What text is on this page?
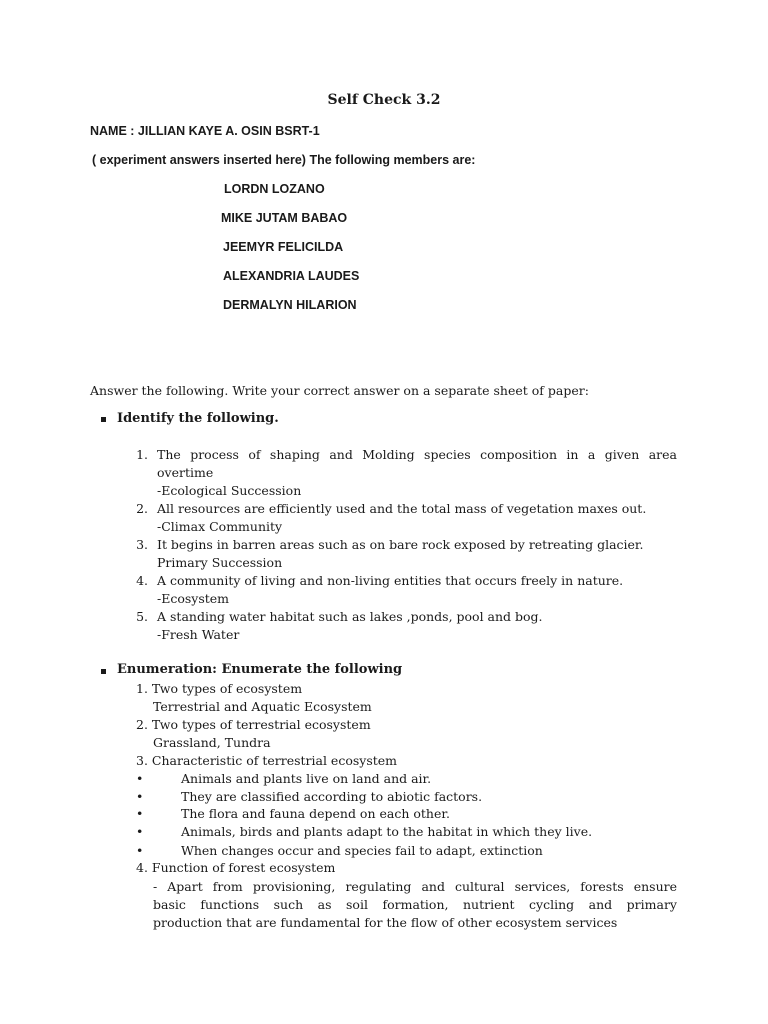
Self Check 3.2
NAME : JILLIAN KAYE A. OSIN BSRT-1
( experiment answers inserted here) The following members are:
LORDN LOZANO
MIKE JUTAM BABAO
JEEMYR FELICILDA
ALEXANDRIA LAUDES
DERMALYN HILARION
Answer the following. Write your correct answer on a separate sheet of paper:
Identify the following.
1. The process of shaping and Molding species composition in a given area
overtime
-Ecological Succession
2. All resources are efficiently used and the total mass of vegetation maxes out.
-Climax Community
3. It begins in barren areas such as on bare rock exposed by retreating glacier.
Primary Succession
4. A community of living and non-living entities that occurs freely in nature.
-Ecosystem
5. A standing water habitat such as lakes ,ponds, pool and bog.
-Fresh Water
Enumeration: Enumerate the following
1. Two types of ecosystem
Terrestrial and Aquatic Ecosystem
2. Two types of terrestrial ecosystem
Grassland, Tundra
3. Characteristic of terrestrial ecosystem
•	Animals and plants live on land and air.
•	They are classified according to abiotic factors.
•	The flora and fauna depend on each other.
•	Animals, birds and plants adapt to the habitat in which they live.
•	When changes occur and species fail to adapt, extinction
4. Function of forest ecosystem
- Apart from provisioning, regulating and cultural services, forests ensure
basic functions such as soil formation, nutrient cycling and primary
production that are fundamental for the flow of other ecosystem services
